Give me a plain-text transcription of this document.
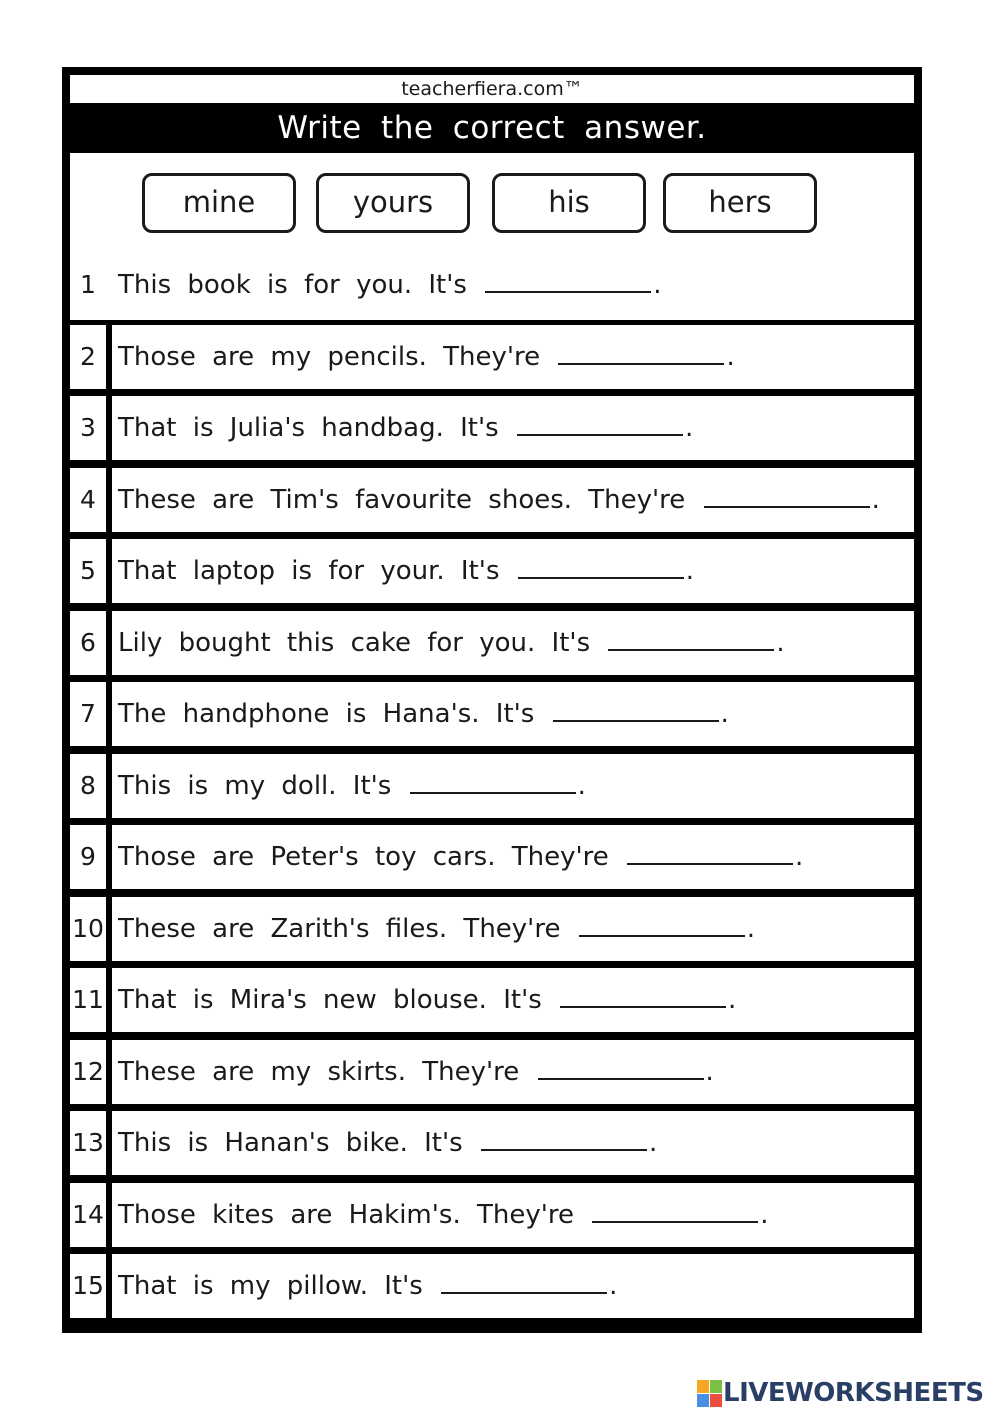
teacherfiera.com™
Write the correct answer.
mine	yours	his	hers
1 This book is for you. It's	.
2 Those are my pencils. They're	.
3 That is Julia's handbag. It's	.
4 These are Tim's favourite shoes. They're	.
5 That laptop is for your. It's	.
6 Lily bought this cake for you. It's	.
7 The handphone is Hana's. It's	.
8 This is my doll. It's	.
9 Those are Peter's toy cars. They're	.
10 These are Zarith's files. They're	.
11 That is Mira's new blouse. It's	.
12 These are my skirts. They're	.
13 This is Hanan's bike. It's	.
14 Those kites are Hakim's. They're	.
15 That is my pillow. It's	.
LIVEWORKSHEETS
